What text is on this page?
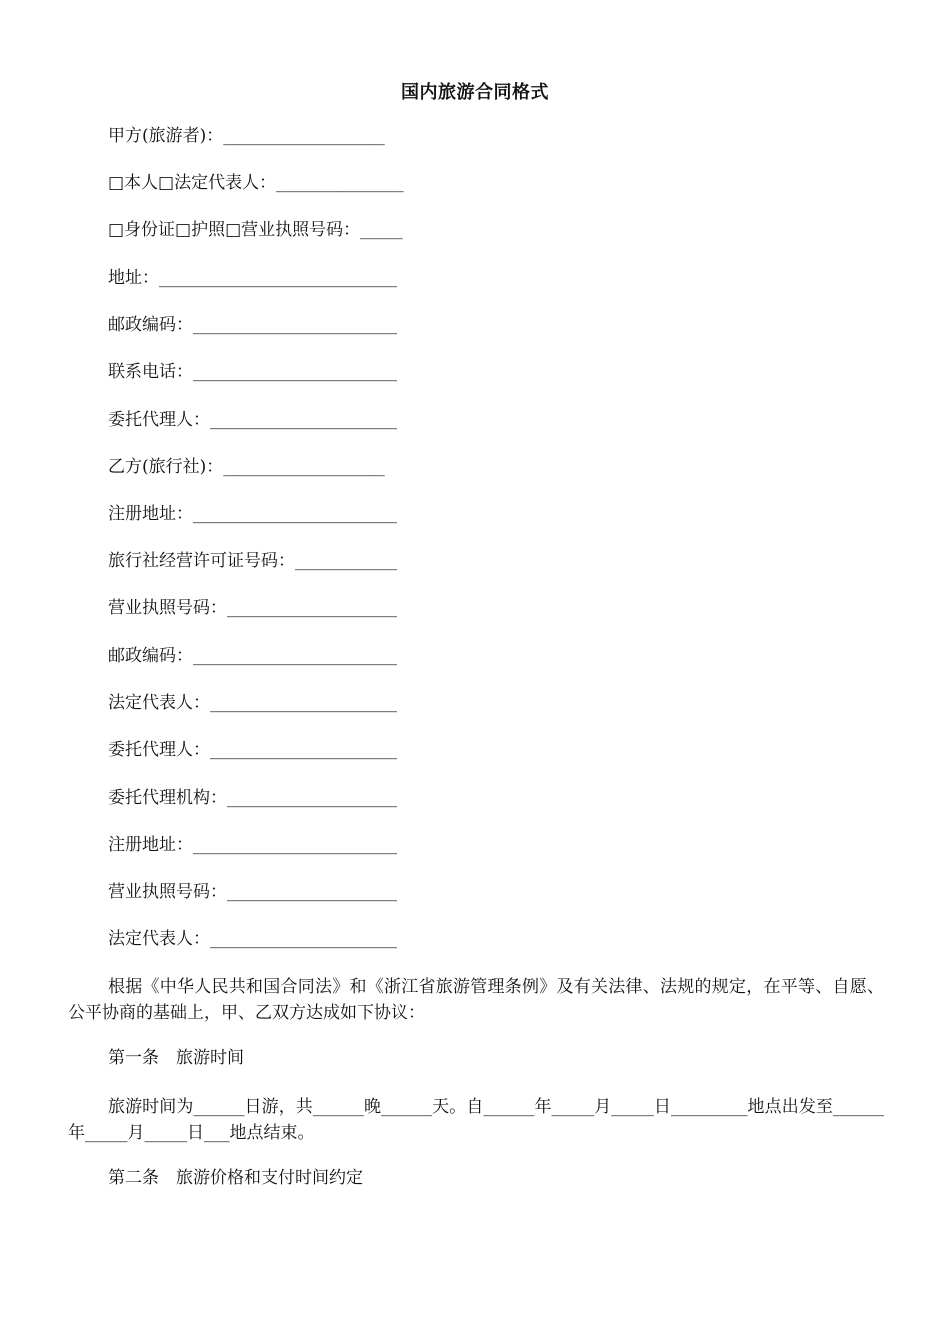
国内旅游合同格式
甲方(旅游者)：___________________
□本人□法定代表人：_______________
□身份证□护照□营业执照号码：_____
地址：____________________________
邮政编码：________________________
联系电话：________________________
委托代理人：______________________
乙方(旅行社)：___________________
注册地址：________________________
旅行社经营许可证号码：____________
营业执照号码：____________________
邮政编码：________________________
法定代表人：______________________
委托代理人：______________________
委托代理机构：____________________
注册地址：________________________
营业执照号码：____________________
法定代表人：______________________
根据《中华人民共和国合同法》和《浙江省旅游管理条例》及有关法律、法规的规定，在平等、自愿、公平协商的基础上，甲、乙双方达成如下协议：
第一条　旅游时间
旅游时间为______日游，共______晚______天。自______年_____月_____日_________地点出发至______年_____月_____日___地点结束。
第二条　旅游价格和支付时间约定
